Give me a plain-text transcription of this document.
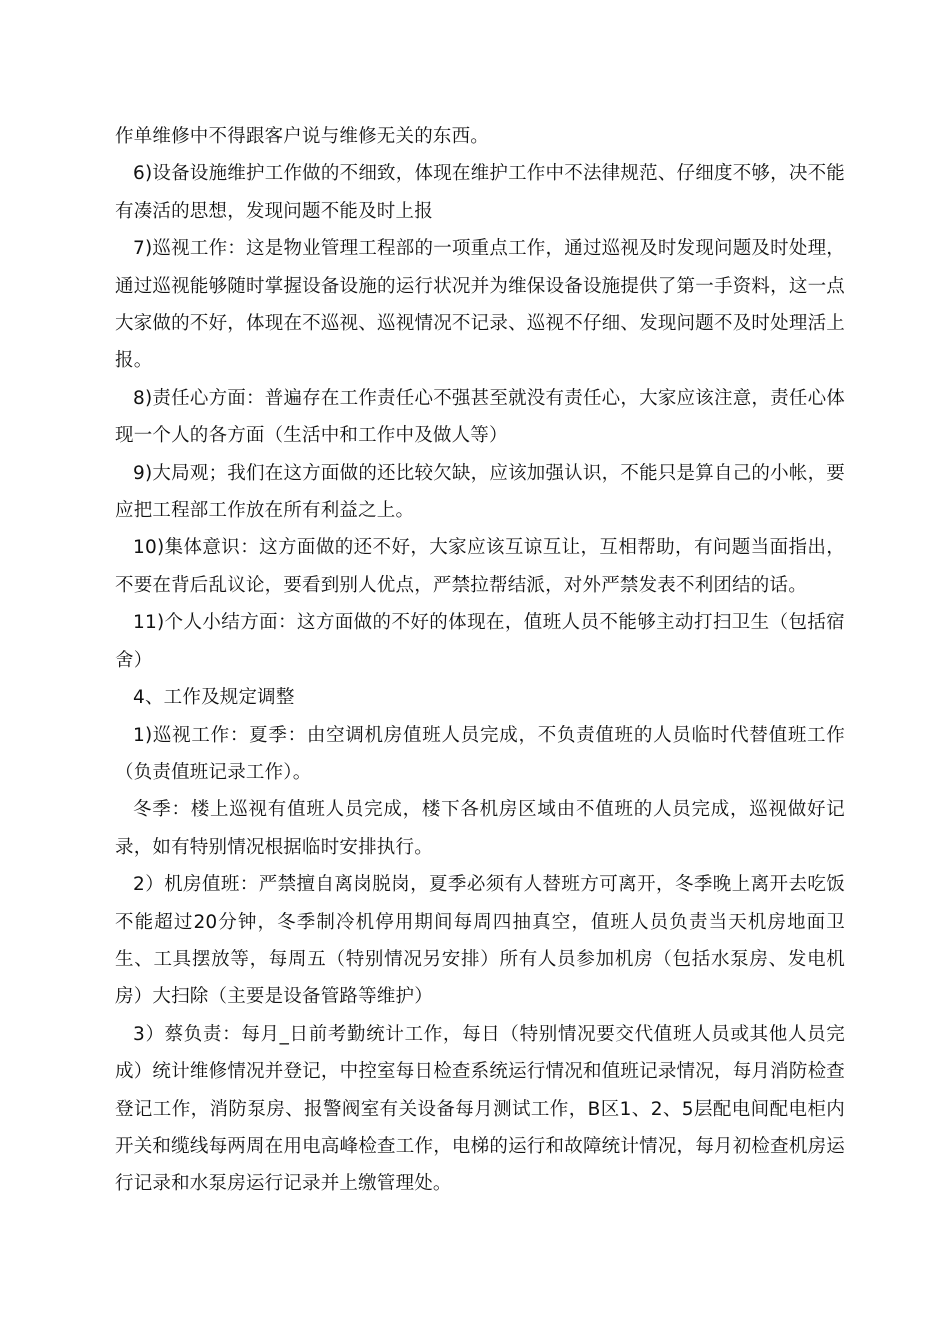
作单维修中不得跟客户说与维修无关的东西。

6)设备设施维护工作做的不细致，体现在维护工作中不法律规范、仔细度不够，决不能有凑活的思想，发现问题不能及时上报

7)巡视工作：这是物业管理工程部的一项重点工作，通过巡视及时发现问题及时处理，通过巡视能够随时掌握设备设施的运行状况并为维保设备设施提供了第一手资料，这一点大家做的不好，体现在不巡视、巡视情况不记录、巡视不仔细、发现问题不及时处理活上报。

8)责任心方面：普遍存在工作责任心不强甚至就没有责任心，大家应该注意，责任心体现一个人的各方面（生活中和工作中及做人等）

9)大局观；我们在这方面做的还比较欠缺，应该加强认识，不能只是算自己的小帐，要应把工程部工作放在所有利益之上。

10)集体意识：这方面做的还不好，大家应该互谅互让，互相帮助，有问题当面指出，不要在背后乱议论，要看到别人优点，严禁拉帮结派，对外严禁发表不利团结的话。

11)个人小结方面：这方面做的不好的体现在，值班人员不能够主动打扫卫生（包括宿舍）

4、工作及规定调整

1)巡视工作：夏季：由空调机房值班人员完成，不负责值班的人员临时代替值班工作（负责值班记录工作）。

冬季：楼上巡视有值班人员完成，楼下各机房区域由不值班的人员完成，巡视做好记录，如有特别情况根据临时安排执行。

2）机房值班：严禁擅自离岗脱岗，夏季必须有人替班方可离开，冬季晚上离开去吃饭不能超过20分钟，冬季制冷机停用期间每周四抽真空，值班人员负责当天机房地面卫生、工具摆放等，每周五（特别情况另安排）所有人员参加机房（包括水泵房、发电机房）大扫除（主要是设备管路等维护）

3）蔡负责：每月_日前考勤统计工作，每日（特别情况要交代值班人员或其他人员完成）统计维修情况并登记，中控室每日检查系统运行情况和值班记录情况，每月消防检查登记工作，消防泵房、报警阀室有关设备每月测试工作，B区1、2、5层配电间配电柜内开关和缆线每两周在用电高峰检查工作，电梯的运行和故障统计情况，每月初检查机房运行记录和水泵房运行记录并上缴管理处。
